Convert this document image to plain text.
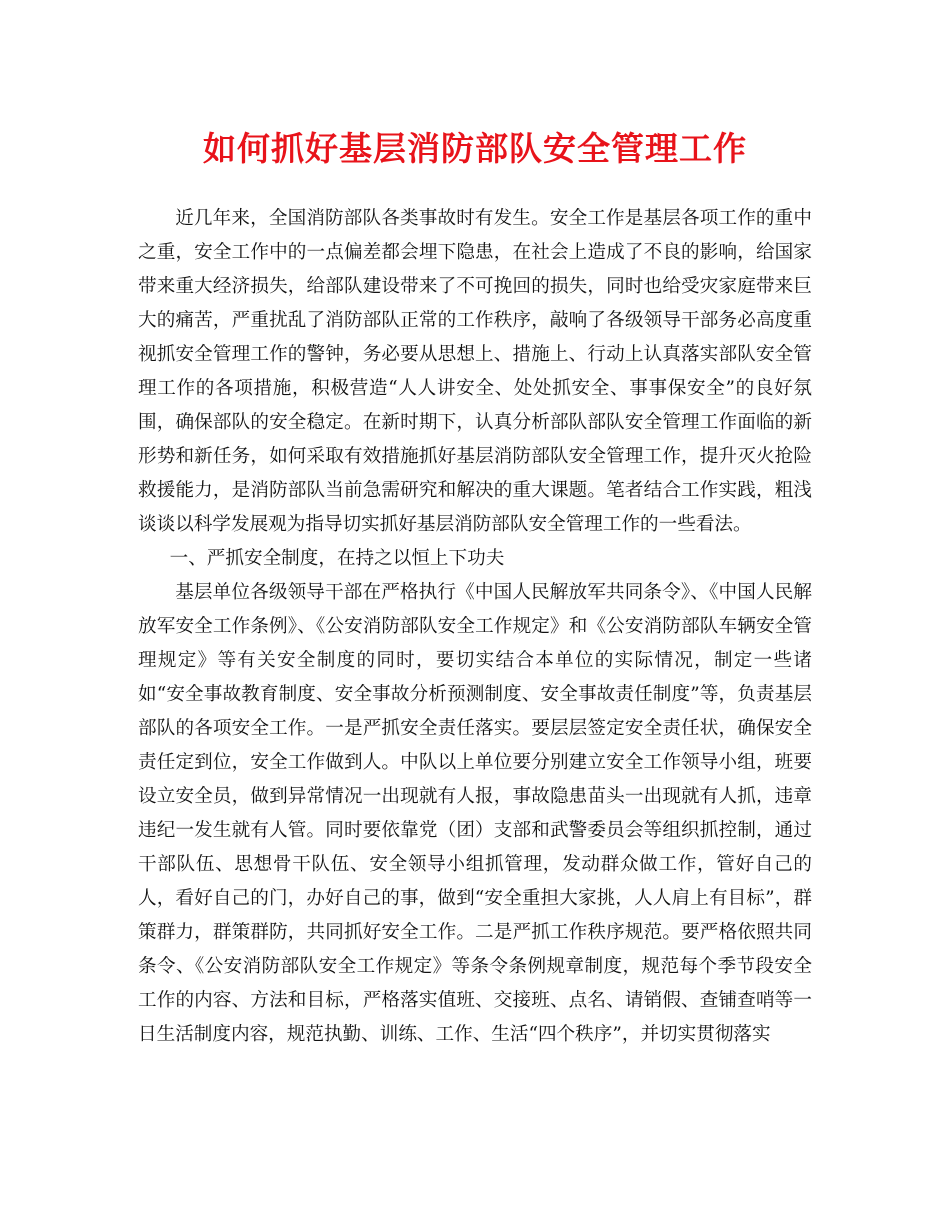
如何抓好基层消防部队安全管理工作

近几年来，全国消防部队各类事故时有发生。安全工作是基层各项工作的重中之重，安全工作中的一点偏差都会埋下隐患，在社会上造成了不良的影响，给国家带来重大经济损失，给部队建设带来了不可挽回的损失，同时也给受灾家庭带来巨大的痛苦，严重扰乱了消防部队正常的工作秩序，敲响了各级领导干部务必高度重视抓安全管理工作的警钟，务必要从思想上、措施上、行动上认真落实部队安全管理工作的各项措施，积极营造“人人讲安全、处处抓安全、事事保安全”的良好氛围，确保部队的安全稳定。在新时期下，认真分析部队部队安全管理工作面临的新形势和新任务，如何采取有效措施抓好基层消防部队安全管理工作，提升灭火抢险救援能力，是消防部队当前急需研究和解决的重大课题。笔者结合工作实践，粗浅谈谈以科学发展观为指导切实抓好基层消防部队安全管理工作的一些看法。

一、严抓安全制度，在持之以恒上下功夫

基层单位各级领导干部在严格执行《中国人民解放军共同条令》、《中国人民解放军安全工作条例》、《公安消防部队安全工作规定》和《公安消防部队车辆安全管理规定》等有关安全制度的同时，要切实结合本单位的实际情况，制定一些诸如“安全事故教育制度、安全事故分析预测制度、安全事故责任制度”等，负责基层部队的各项安全工作。一是严抓安全责任落实。要层层签定安全责任状，确保安全责任定到位，安全工作做到人。中队以上单位要分别建立安全工作领导小组，班要设立安全员，做到异常情况一出现就有人报，事故隐患苗头一出现就有人抓，违章违纪一发生就有人管。同时要依靠党（团）支部和武警委员会等组织抓控制，通过干部队伍、思想骨干队伍、安全领导小组抓管理，发动群众做工作，管好自己的人，看好自己的门，办好自己的事，做到“安全重担大家挑，人人肩上有目标”，群策群力，群策群防，共同抓好安全工作。二是严抓工作秩序规范。要严格依照共同条令、《公安消防部队安全工作规定》等条令条例规章制度，规范每个季节段安全工作的内容、方法和目标，严格落实值班、交接班、点名、请销假、查铺查哨等一日生活制度内容，规范执勤、训练、工作、生活“四个秩序”，并切实贯彻落实
